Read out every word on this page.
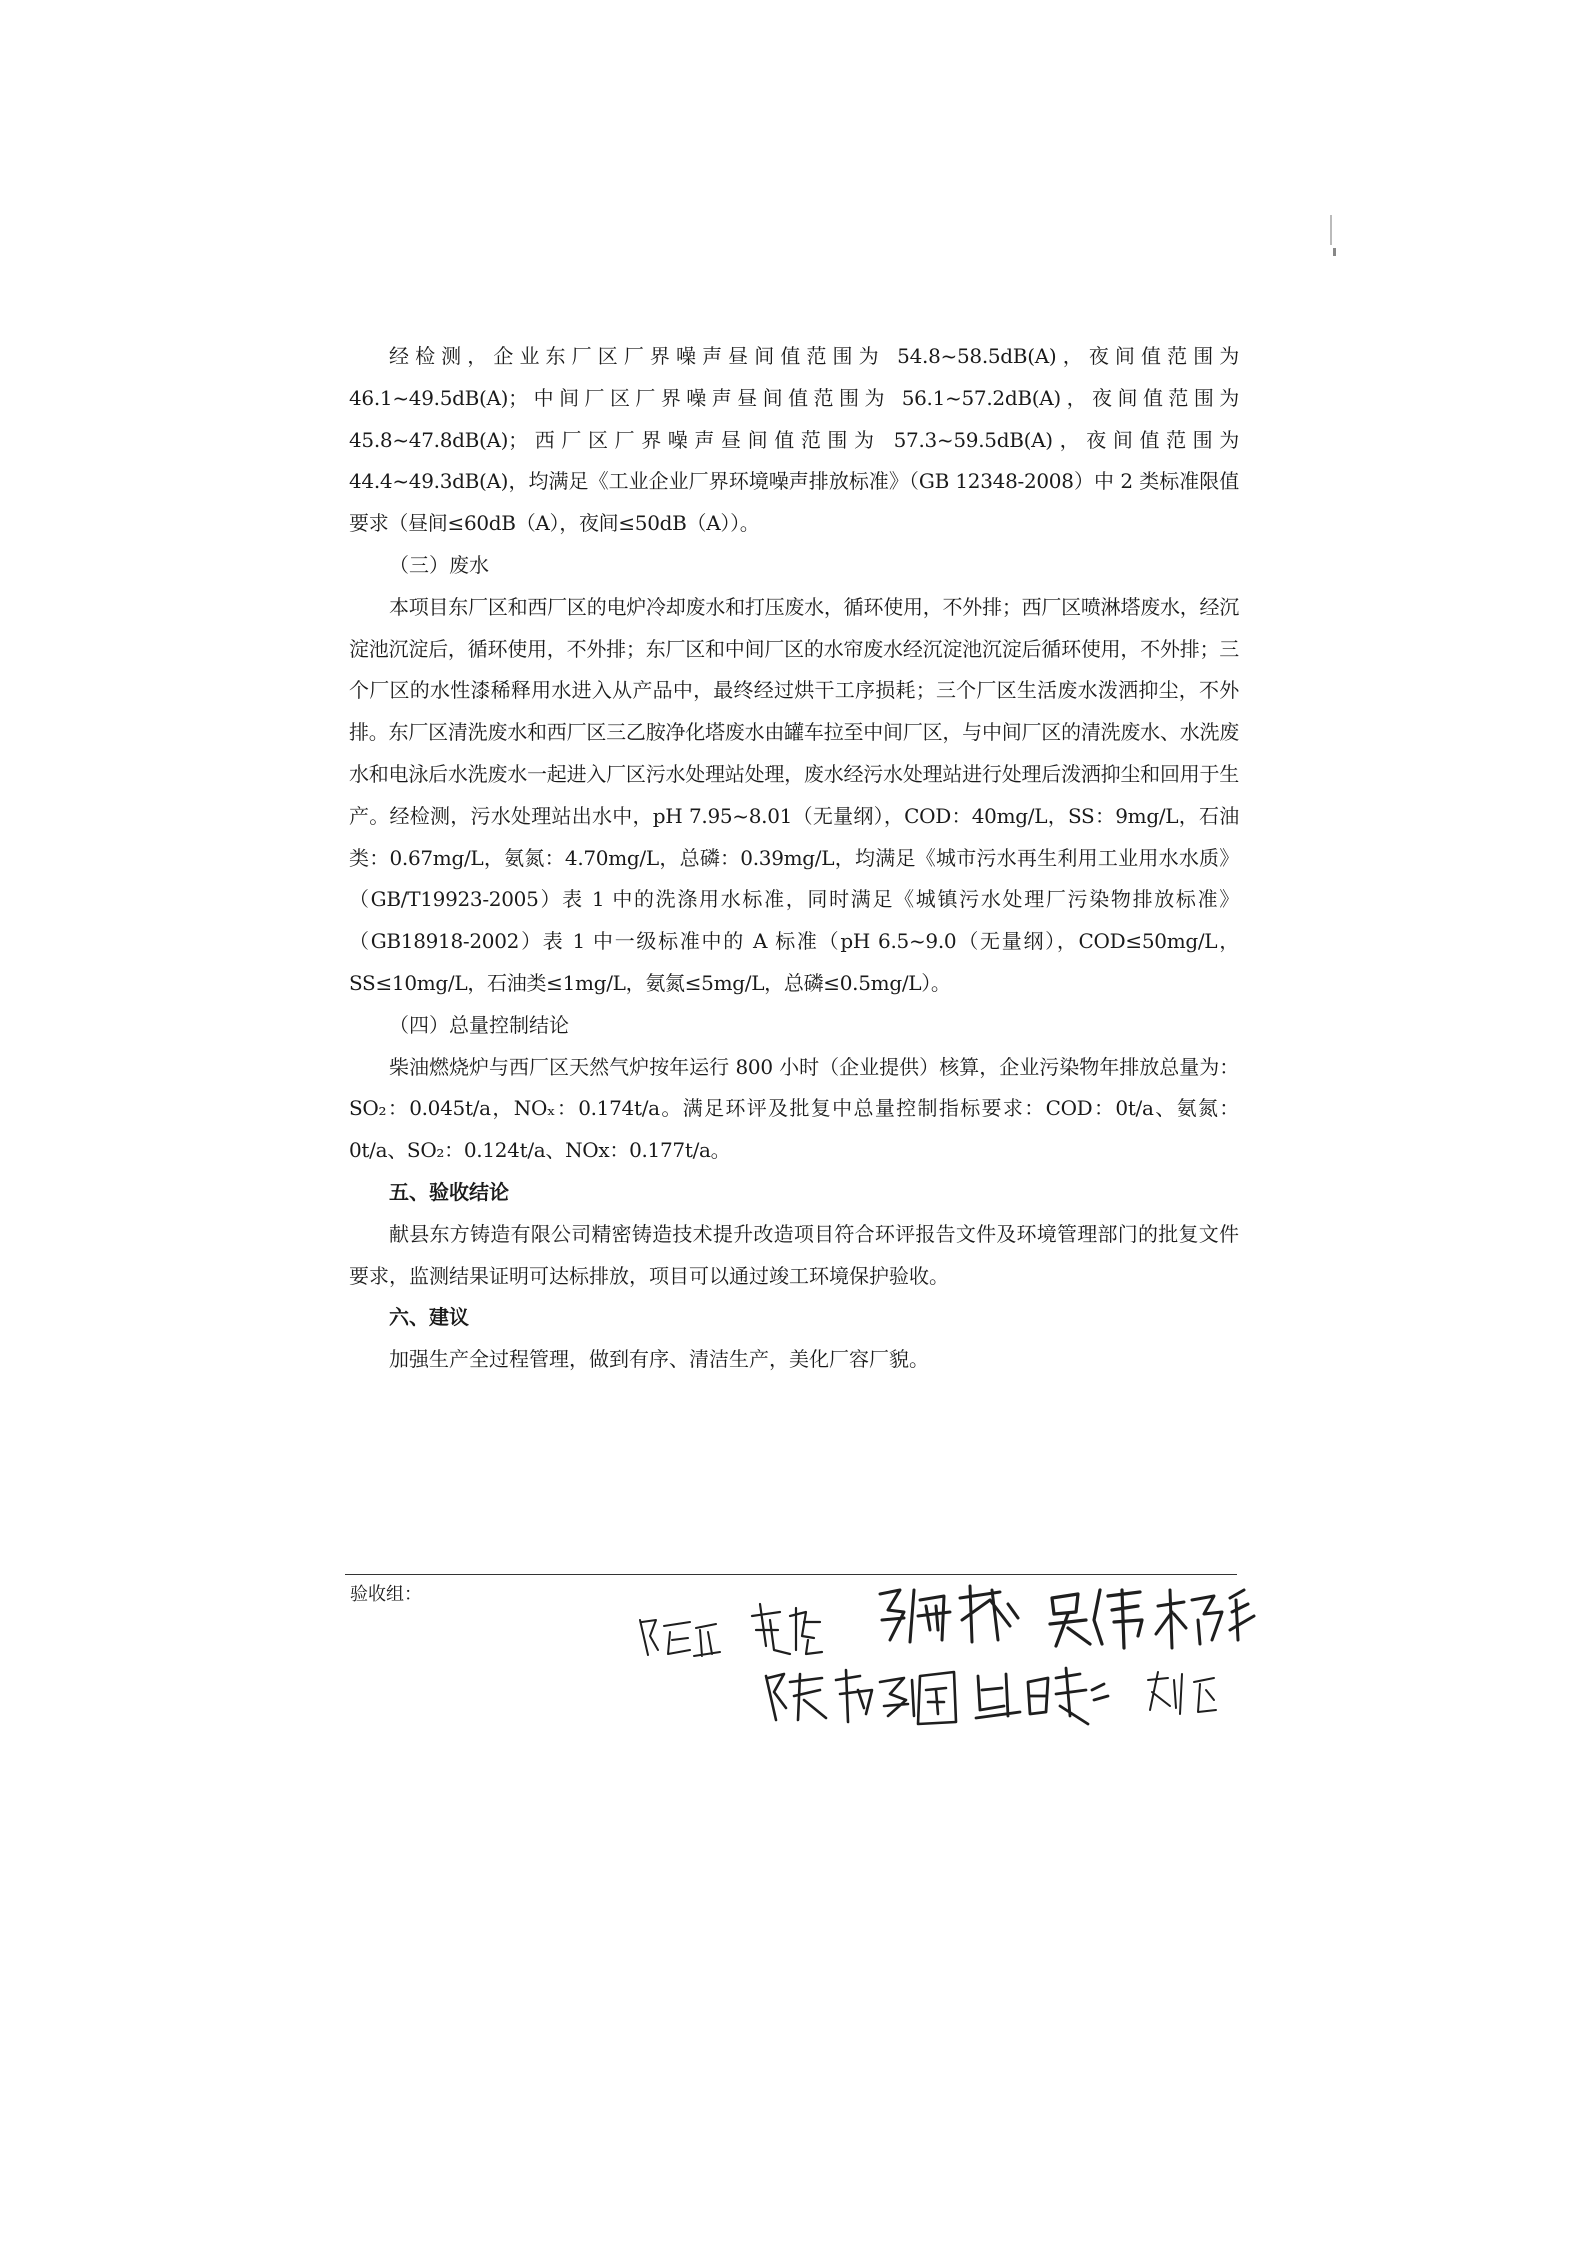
经检测，企业东厂区厂界噪声昼间值范围为 54.8~58.5dB(A)，夜间值范围为 46.1~49.5dB(A)；中间厂区厂界噪声昼间值范围为 56.1~57.2dB(A)，夜间值范围为 45.8~47.8dB(A)；西厂区厂界噪声昼间值范围为 57.3~59.5dB(A)，夜间值范围为 44.4~49.3dB(A)，均满足《工业企业厂界环境噪声排放标准》（GB 12348-2008）中 2 类标准限值要求（昼间≤60dB（A），夜间≤50dB（A））。

（三）废水

本项目东厂区和西厂区的电炉冷却废水和打压废水，循环使用，不外排；西厂区喷淋塔废水，经沉淀池沉淀后，循环使用，不外排；东厂区和中间厂区的水帘废水经沉淀池沉淀后循环使用，不外排；三个厂区的水性漆稀释用水进入从产品中，最终经过烘干工序损耗；三个厂区生活废水泼洒抑尘，不外排。东厂区清洗废水和西厂区三乙胺净化塔废水由罐车拉至中间厂区，与中间厂区的清洗废水、水洗废水和电泳后水洗废水一起进入厂区污水处理站处理，废水经污水处理站进行处理后泼洒抑尘和回用于生产。经检测，污水处理站出水中，pH 7.95~8.01（无量纲），COD：40mg/L，SS：9mg/L，石油类：0.67mg/L，氨氮：4.70mg/L，总磷：0.39mg/L，均满足《城市污水再生利用工业用水水质》（GB/T19923-2005）表 1 中的洗涤用水标准，同时满足《城镇污水处理厂污染物排放标准》（GB18918-2002）表 1 中一级标准中的 A 标准（pH 6.5~9.0（无量纲），COD≤50mg/L，SS≤10mg/L，石油类≤1mg/L，氨氮≤5mg/L，总磷≤0.5mg/L）。

（四）总量控制结论

柴油燃烧炉与西厂区天然气炉按年运行 800 小时（企业提供）核算，企业污染物年排放总量为：SO₂：0.045t/a，NOₓ：0.174t/a。满足环评及批复中总量控制指标要求：COD：0t/a、氨氮：0t/a、SO₂：0.124t/a、NOx：0.177t/a。

五、验收结论

献县东方铸造有限公司精密铸造技术提升改造项目符合环评报告文件及环境管理部门的批复文件要求，监测结果证明可达标排放，项目可以通过竣工环境保护验收。

六、建议

加强生产全过程管理，做到有序、清洁生产，美化厂容厂貌。

验收组：
